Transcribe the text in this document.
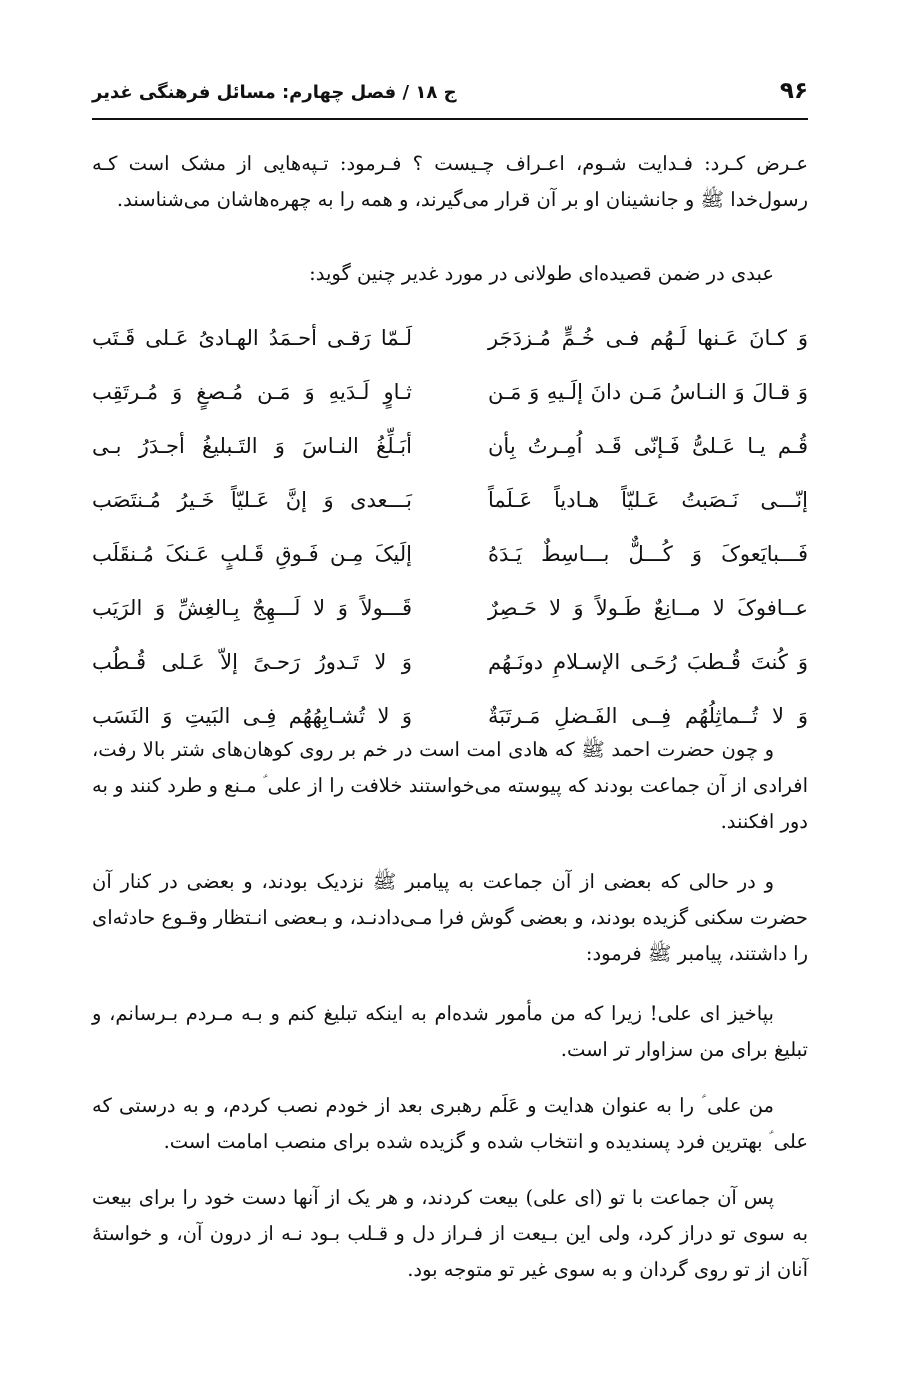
۹۶
ج ۱۸ / فصل چهارم: مسائل فرهنگی غدیر

عـرض کـرد: فـدایت شـوم، اعـراف چـیست ؟ فـرمود: تـپه‌هایی از مشک است کـه رسول‌خدا ﷺ و جانشینان او بر آن قرار می‌گیرند، و همه را به چهره‌هاشان می‌شناسند.

عبدی در ضمن قصیده‌ای طولانی در مورد غدیر چنین گوید:

وَ کـانَ عَـنها لَـهُم فـی خُـمٍّ مُـزدَجَر
لَـمّا رَقـی أحـمَدُ الهـادیُ عَـلی قَـتَب
وَ قـالَ وَ النـاسُ مَـن دانَ إلَـیهِ وَ مَـن
ثـاوٍ لَـدَیهِ وَ مَـن مُـصغٍ وَ مُـرتَقِب
قُـم یـا عَـلیُّ فَـإنّی قَـد اُمِـرتُ بِأن
أبَـلِّغُ النـاسَ وَ التَـبلیغُ أجـدَرُ بـی
إنّـــی نَـصَبتُ عَـلیّاً هـادیاً عَـلَماً
بَـــعدی وَ إنَّ عَـلیّاً خَـیرُ مُـنتَصَب
فَـــبایَعوکَ وَ کُـــلٌّ بـــاسِطٌ یَـدَهُ
إلَیکَ مِـن فَـوقِ قَـلبٍ عَـنکَ مُـنقَلَب
عــافوکَ لا مــانِعٌ طَـولاً وَ لا حَـصِرٌ
قَـــولاً وَ لا لَـــهِجٌ بِـالغِشِّ وَ الرَیَب
وَ کُنتَ قُـطبَ رُحَـی الإسـلامِ دونَـهُم
وَ لا تَـدورُ رَحـیً إلاّ عَـلی قُـطُب
وَ لا تُــماثِلُهُم فِــی الفَـضلِ مَـرتَبَةٌ
وَ لا تُشـابِهُهُم فِـی البَیتِ وَ النَسَب

و چون حضرت احمد ﷺ که هادی امت است در خم بر روی کوهان‌های شتر بالا رفت، افرادی از آن جماعت بودند که پیوسته می‌خواستند خلافت را از علی ؑ مـنع و طرد کنند و به دور افکنند.

و در حالی که بعضی از آن جماعت به پیامبر ﷺ نزدیک بودند، و بعضی در کنار آن حضرت سکنی گزیده بودند، و بعضی گوش فرا مـی‌دادنـد، و بـعضی انـتظار وقـوع حادثه‌ای را داشتند، پیامبر ﷺ فرمود:

بپاخیز ای علی! زیرا که من مأمور شده‌ام به اینکه تبلیغ کنم و بـه مـردم بـرسانم، و تبلیغ برای من سزاوار تر است.

من علی ؑ را به عنوان هدایت و عَلَم رهبری بعد از خودم نصب کردم، و به درستی که علی ؑ بهترین فرد پسندیده و انتخاب شده و گزیده شده برای منصب امامت است.

پس آن جماعت با تو (ای علی) بیعت کردند، و هر یک از آنها دست خود را برای بیعت به سوی تو دراز کرد، ولی این بـیعت از فـراز دل و قـلب بـود نـه از درون آن، و خواستهٔ آنان از تو روی گردان و به سوی غیر تو متوجه بود.
